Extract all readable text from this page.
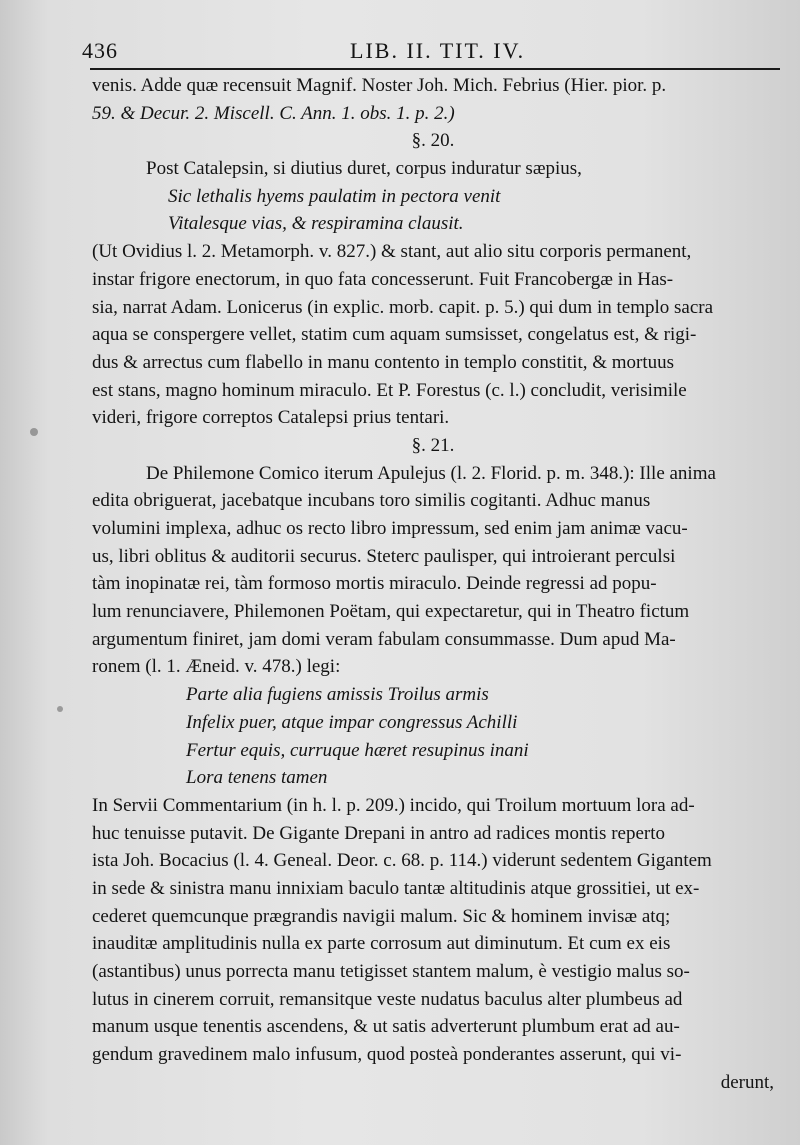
436	LIB. II. TIT. IV.
venis. Adde quæ recensuit Magnif. Noster Joh. Mich. Febrius (Hier. pior. p.
59. & Decur. 2. Miscell. C. Ann. 1. obs. 1. p. 2.)
§. 20.
Post Catalepsin, si diutius duret, corpus induratur sæpius,
Sic lethalis hyems paulatim in pectora venit
Vitalesque vias, & respiramina clausit.
(Ut Ovidius l. 2. Metamorph. v. 827.) & stant, aut alio situ corporis permanent,
instar frigore enectorum, in quo fata concesserunt. Fuit Francobergæ in Has-
sia, narrat Adam. Lonicerus (in explic. morb. capit. p. 5.) qui dum in templo sacra
aqua se conspergere vellet, statim cum aquam sumsisset, congelatus est, & rigi-
dus & arrectus cum flabello in manu contento in templo constitit, & mortuus
est stans, magno hominum miraculo. Et P. Forestus (c. l.) concludit, verisimile
videri, frigore correptos Catalepsi prius tentari.
§. 21.
De Philemone Comico iterum Apulejus (l. 2. Florid. p. m. 348.): Ille anima
edita obriguerat, jacebatque incubans toro similis cogitanti. Adhuc manus
volumini implexa, adhuc os recto libro impressum, sed enim jam animæ vacu-
us, libri oblitus & auditorii securus. Steterc paulisper, qui introierant perculsi
tàm inopinatæ rei, tàm formoso mortis miraculo. Deinde regressi ad popu-
lum renunciavere, Philemonen Poëtam, qui expectaretur, qui in Theatro fictum
argumentum finiret, jam domi veram fabulam consummasse. Dum apud Ma-
ronem (l. 1. Æneid. v. 478.) legi:
Parte alia fugiens amissis Troilus armis
Infelix puer, atque impar congressus Achilli
Fertur equis, curruque hæret resupinus inani
Lora tenens tamen
In Servii Commentarium (in h. l. p. 209.) incido, qui Troilum mortuum lora ad-
huc tenuisse putavit. De Gigante Drepani in antro ad radices montis reperto
ista Joh. Bocacius (l. 4. Geneal. Deor. c. 68. p. 114.) viderunt sedentem Gigantem
in sede & sinistra manu innixiam baculo tantæ altitudinis atque grossitiei, ut ex-
cederet quemcunque prægrandis navigii malum. Sic & hominem invisæ atq;
inauditæ amplitudinis nulla ex parte corrosum aut diminutum. Et cum ex eis
(astantibus) unus porrecta manu tetigisset stantem malum, è vestigio malus so-
lutus in cinerem corruit, remansitque veste nudatus baculus alter plumbeus ad
manum usque tenentis ascendens, & ut satis adverterunt plumbum erat ad au-
gendum gravedinem malo infusum, quod posteà ponderantes asserunt, qui vi-
derunt,
